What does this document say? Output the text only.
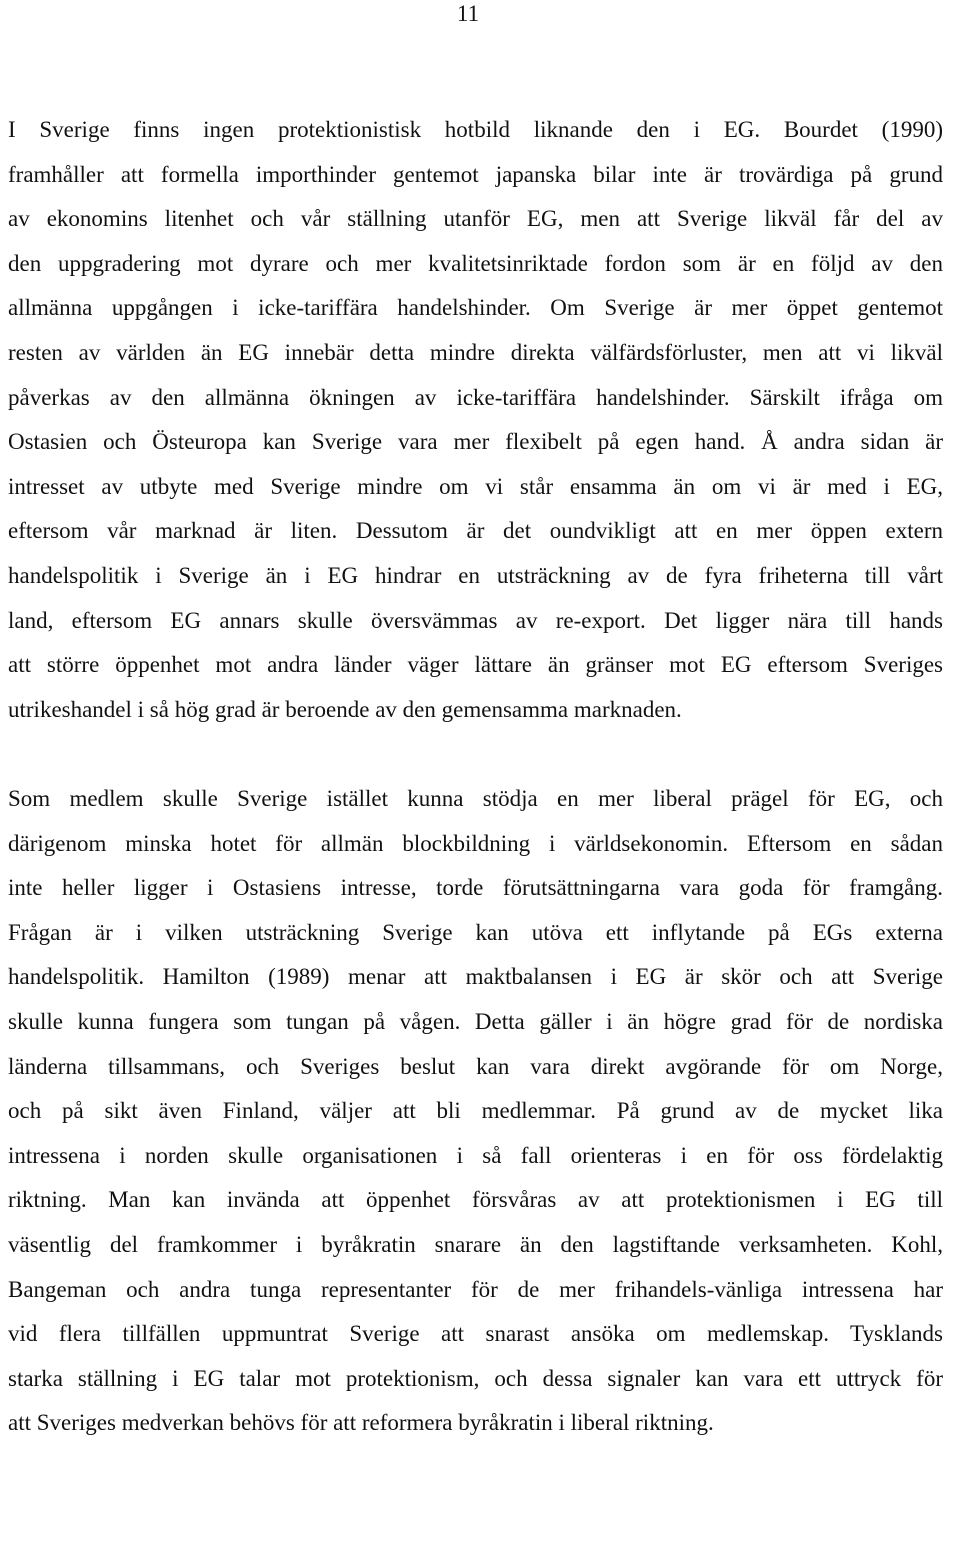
11
I Sverige finns ingen protektionistisk hotbild liknande den i EG. Bourdet (1990)
framhåller att formella importhinder gentemot japanska bilar inte är trovärdiga på grund
av ekonomins litenhet och vår ställning utanför EG, men att Sverige likväl får del av
den uppgradering mot dyrare och mer kvalitetsinriktade fordon som är en följd av den
allmänna uppgången i icke-tariffära handelshinder. Om Sverige är mer öppet gentemot
resten av världen än EG innebär detta mindre direkta välfärdsförluster, men att vi likväl
påverkas av den allmänna ökningen av icke-tariffära handelshinder. Särskilt ifråga om
Ostasien och Östeuropa kan Sverige vara mer flexibelt på egen hand. Å andra sidan är
intresset av utbyte med Sverige mindre om vi står ensamma än om vi är med i EG,
eftersom vår marknad är liten. Dessutom är det oundvikligt att en mer öppen extern
handelspolitik i Sverige än i EG hindrar en utsträckning av de fyra friheterna till vårt
land, eftersom EG annars skulle översvämmas av re-export. Det ligger nära till hands
att större öppenhet mot andra länder väger lättare än gränser mot EG eftersom Sveriges
utrikeshandel i så hög grad är beroende av den gemensamma marknaden.
Som medlem skulle Sverige istället kunna stödja en mer liberal prägel för EG, och
därigenom minska hotet för allmän blockbildning i världsekonomin. Eftersom en sådan
inte heller ligger i Ostasiens intresse, torde förutsättningarna vara goda för framgång.
Frågan är i vilken utsträckning Sverige kan utöva ett inflytande på EGs externa
handelspolitik. Hamilton (1989) menar att maktbalansen i EG är skör och att Sverige
skulle kunna fungera som tungan på vågen. Detta gäller i än högre grad för de nordiska
länderna tillsammans, och Sveriges beslut kan vara direkt avgörande för om Norge,
och på sikt även Finland, väljer att bli medlemmar. På grund av de mycket lika
intressena i norden skulle organisationen i så fall orienteras i en för oss fördelaktig
riktning. Man kan invända att öppenhet försvåras av att protektionismen i EG till
väsentlig del framkommer i byråkratin snarare än den lagstiftande verksamheten. Kohl,
Bangeman och andra tunga representanter för de mer frihandels-vänliga intressena har
vid flera tillfällen uppmuntrat Sverige att snarast ansöka om medlemskap. Tysklands
starka ställning i EG talar mot protektionism, och dessa signaler kan vara ett uttryck för
att Sveriges medverkan behövs för att reformera byråkratin i liberal riktning.
